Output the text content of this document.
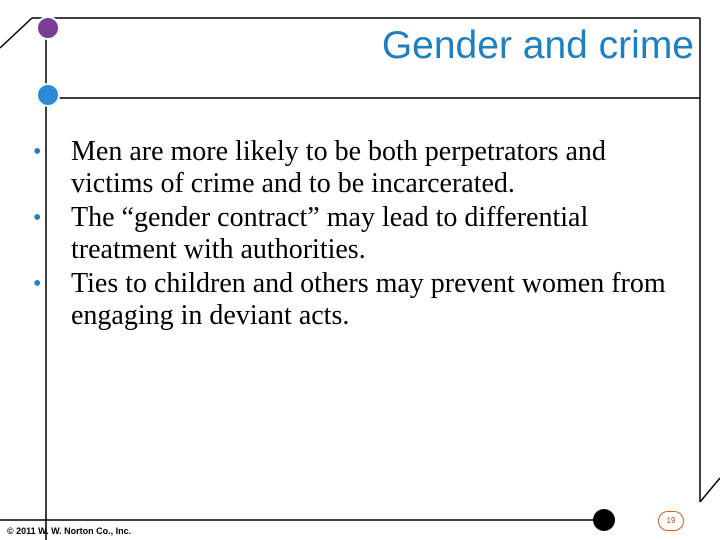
Gender and crime
• Men are more likely to be both perpetrators and victims of crime and to be incarcerated.
• The “gender contract” may lead to differential treatment with authorities.
• Ties to children and others may prevent women from engaging in deviant acts.
© 2011 W. W. Norton Co., Inc.
19
